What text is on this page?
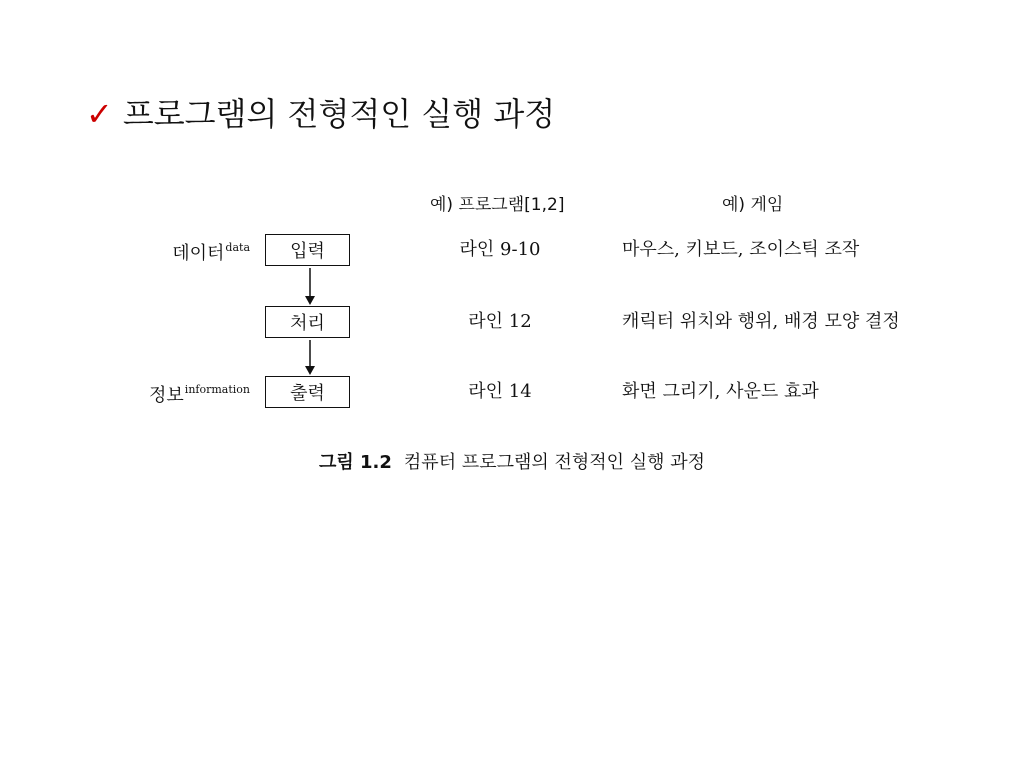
✓ 프로그램의 전형적인 실행 과정
예) 프로그램[1,2]	예) 게임
데이터$^{data}$
정보$^{information}$
입력
처리
출력
라인 9-10
라인 12
라인 14
마우스, 키보드, 조이스틱 조작
캐릭터 위치와 행위, 배경 모양 결정
화면 그리기, 사운드 효과
그림 1.2 컴퓨터 프로그램의 전형적인 실행 과정
